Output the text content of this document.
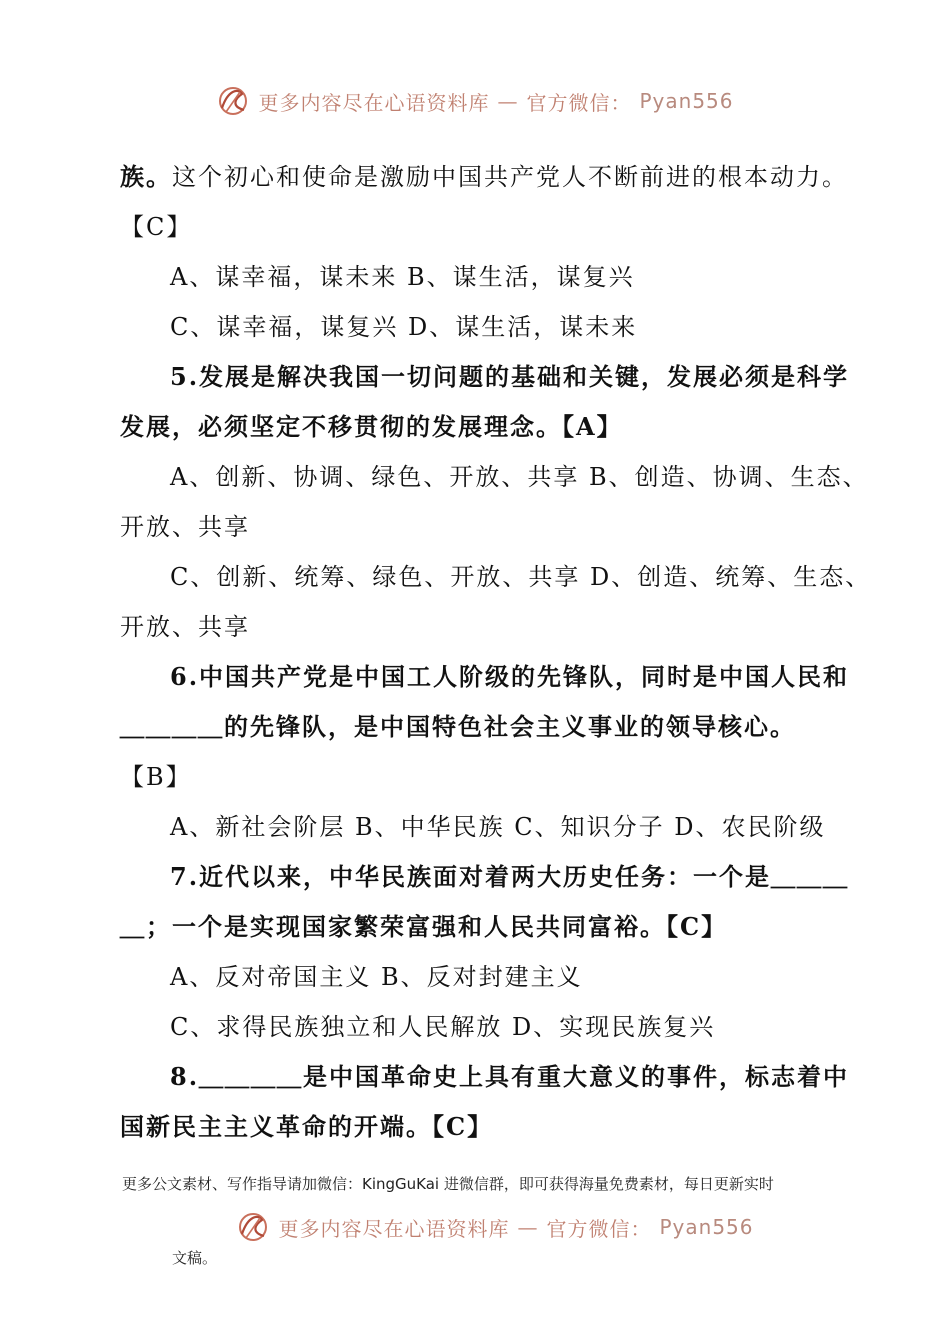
更多内容尽在心语资料库 — 官方微信： Pyan556
族。这个初心和使命是激励中国共产党人不断前进的根本动力。
【C】
A、谋幸福，谋未来 B、谋生活，谋复兴
C、谋幸福，谋复兴 D、谋生活，谋未来
5.发展是解决我国一切问题的基础和关键，发展必须是科学
发展，必须坚定不移贯彻的发展理念。【A】
A、创新、协调、绿色、开放、共享 B、创造、协调、生态、
开放、共享
C、创新、统筹、绿色、开放、共享 D、创造、统筹、生态、
开放、共享
6.中国共产党是中国工人阶级的先锋队，同时是中国人民和
＿＿＿＿的先锋队，是中国特色社会主义事业的领导核心。
【B】
A、新社会阶层 B、中华民族 C、知识分子 D、农民阶级
7.近代以来，中华民族面对着两大历史任务：一个是＿＿＿
＿；一个是实现国家繁荣富强和人民共同富裕。【C】
A、反对帝国主义 B、反对封建主义
C、求得民族独立和人民解放 D、实现民族复兴
8.＿＿＿＿是中国革命史上具有重大意义的事件，标志着中
国新民主主义革命的开端。【C】
更多公文素材、写作指导请加微信：KingGuKai 进微信群，即可获得海量免费素材，每日更新实时
更多内容尽在心语资料库 — 官方微信： Pyan556
文稿。
